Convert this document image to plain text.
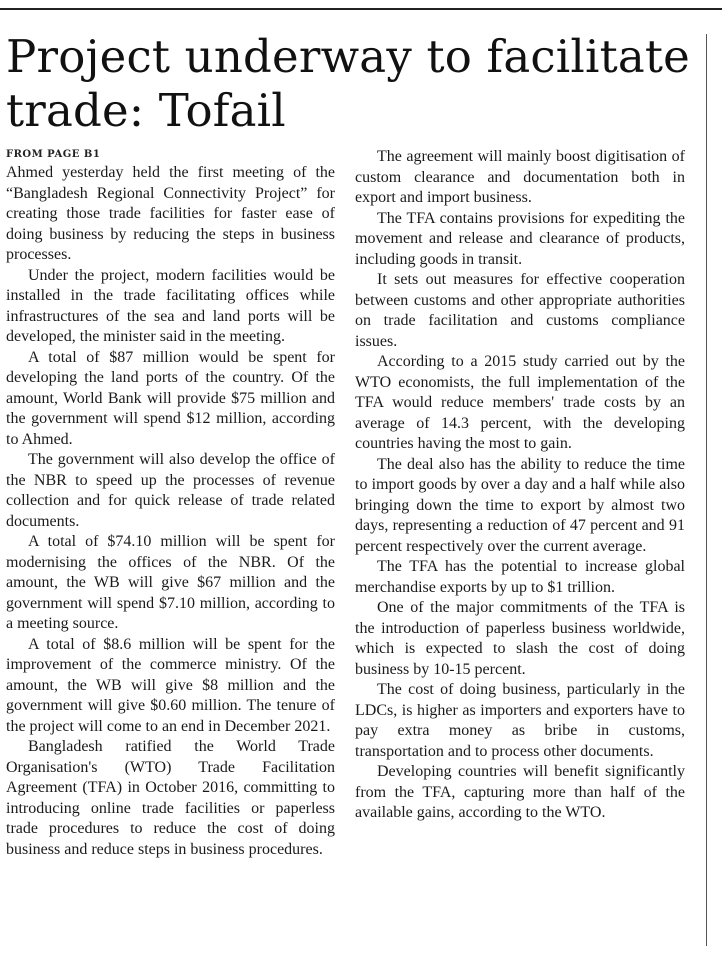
Project underway to facilitate trade: Tofail
FROM PAGE B1

Ahmed yesterday held the first meeting of the “Bangladesh Regional Connectivity Project” for creating those trade facilities for faster ease of doing business by reducing the steps in business processes.

Under the project, modern facilities would be installed in the trade facilitating offices while infrastructures of the sea and land ports will be developed, the minister said in the meeting.

A total of $87 million would be spent for developing the land ports of the country. Of the amount, World Bank will provide $75 million and the government will spend $12 million, according to Ahmed.

The government will also develop the office of the NBR to speed up the processes of revenue collection and for quick release of trade related documents.

A total of $74.10 million will be spent for modernising the offices of the NBR. Of the amount, the WB will give $67 million and the government will spend $7.10 million, according to a meeting source.

A total of $8.6 million will be spent for the improvement of the commerce ministry. Of the amount, the WB will give $8 million and the government will give $0.60 million. The tenure of the project will come to an end in December 2021.

Bangladesh ratified the World Trade Organisation's (WTO) Trade Facilitation Agreement (TFA) in October 2016, committing to introducing online trade facilities or paperless trade procedures to reduce the cost of doing business and reduce steps in business procedures.

The agreement will mainly boost digitisation of custom clearance and documentation both in export and import business.

The TFA contains provisions for expediting the movement and release and clearance of products, including goods in transit.

It sets out measures for effective cooperation between customs and other appropriate authorities on trade facilitation and customs compliance issues.

According to a 2015 study carried out by the WTO economists, the full implementation of the TFA would reduce members' trade costs by an average of 14.3 percent, with the developing countries having the most to gain.

The deal also has the ability to reduce the time to import goods by over a day and a half while also bringing down the time to export by almost two days, representing a reduction of 47 percent and 91 percent respectively over the current average.

The TFA has the potential to increase global merchandise exports by up to $1 trillion.

One of the major commitments of the TFA is the introduction of paperless business worldwide, which is expected to slash the cost of doing business by 10-15 percent.

The cost of doing business, particularly in the LDCs, is higher as importers and exporters have to pay extra money as bribe in customs, transportation and to process other documents.

Developing countries will benefit significantly from the TFA, capturing more than half of the available gains, according to the WTO.
